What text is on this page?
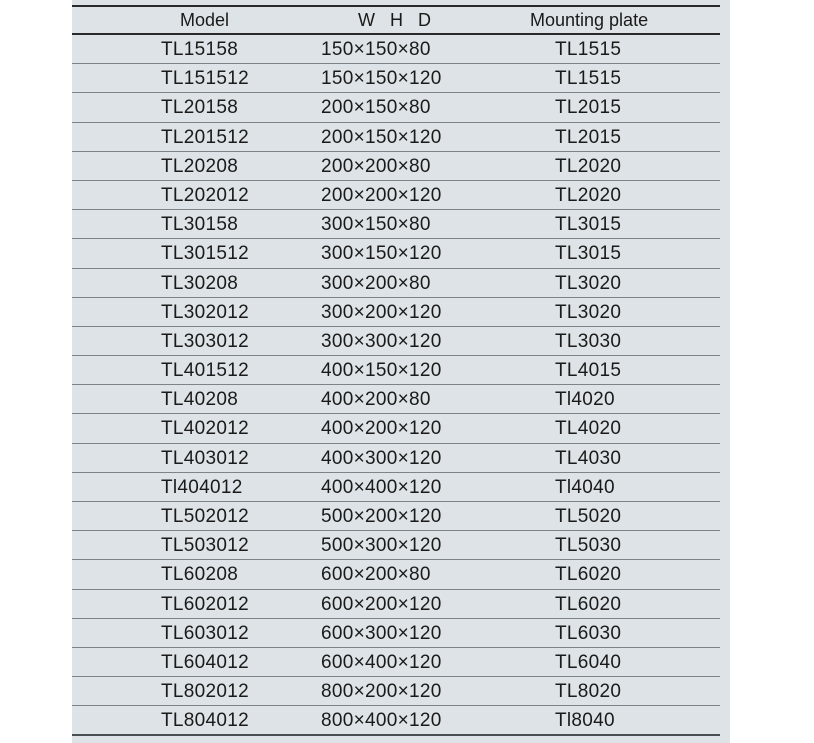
Model	W   H   D	Mounting plate
TL15158	150×150×80	TL1515
TL151512	150×150×120	TL1515
TL20158	200×150×80	TL2015
TL201512	200×150×120	TL2015
TL20208	200×200×80	TL2020
TL202012	200×200×120	TL2020
TL30158	300×150×80	TL3015
TL301512	300×150×120	TL3015
TL30208	300×200×80	TL3020
TL302012	300×200×120	TL3020
TL303012	300×300×120	TL3030
TL401512	400×150×120	TL4015
TL40208	400×200×80	Tl4020
TL402012	400×200×120	TL4020
TL403012	400×300×120	TL4030
Tl404012	400×400×120	Tl4040
TL502012	500×200×120	TL5020
TL503012	500×300×120	TL5030
TL60208	600×200×80	TL6020
TL602012	600×200×120	TL6020
TL603012	600×300×120	TL6030
TL604012	600×400×120	TL6040
TL802012	800×200×120	TL8020
TL804012	800×400×120	Tl8040
